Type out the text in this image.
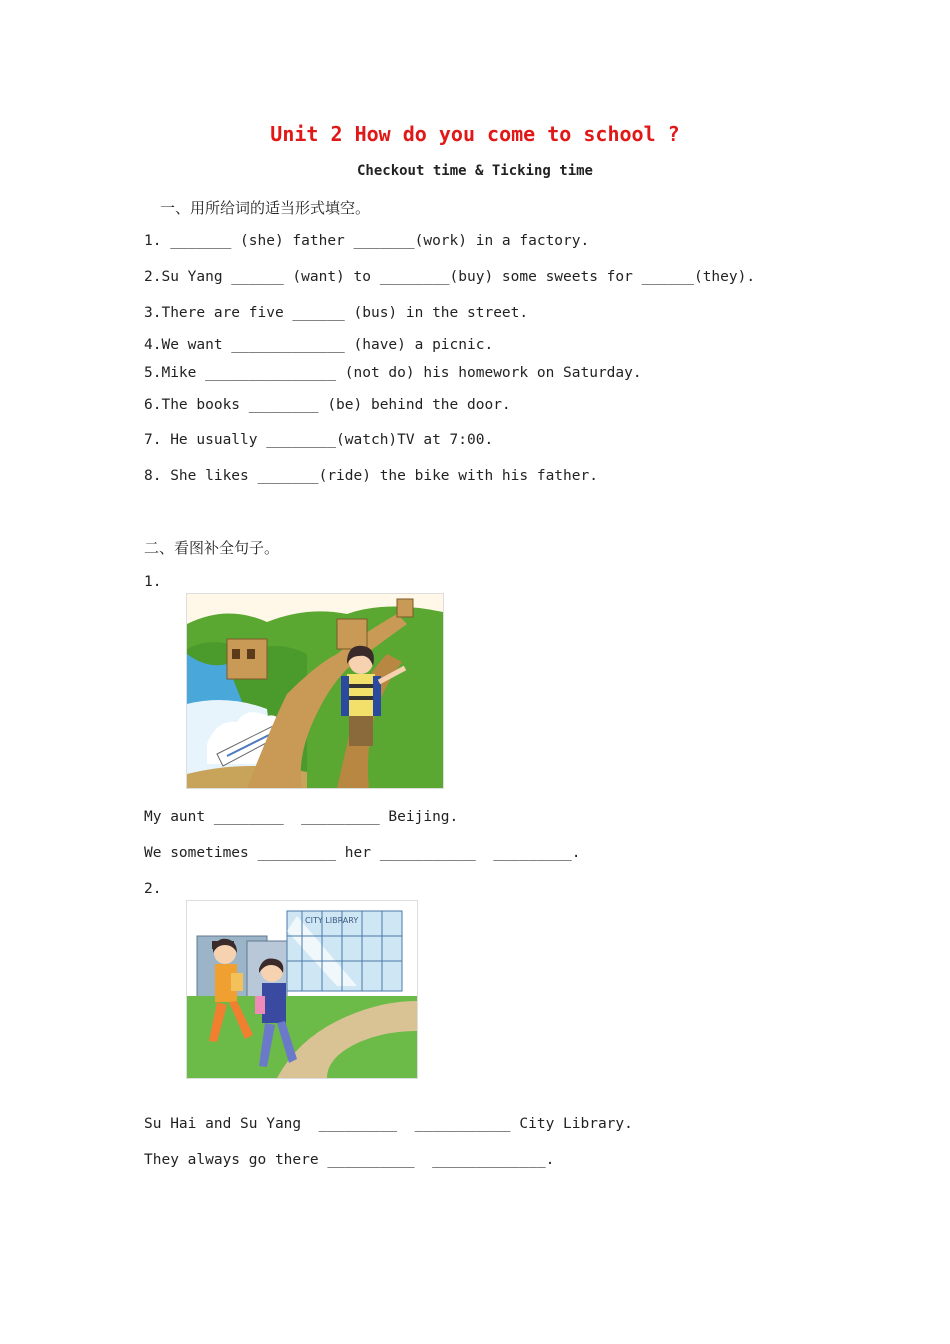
Unit 2 How do you come to school ?
Checkout time & Ticking time
一、用所给词的适当形式填空。
1. _______ (she) father _______(work) in a factory.
2.Su Yang ______ (want) to ________(buy) some sweets for ______(they).
3.There are five ______ (bus) in the street.
4.We want _____________ (have) a picnic.
5.Mike _______________ (not do) his homework on Saturday.
6.The books ________ (be) behind the door.
7. He usually ________(watch)TV at 7:00.
8. She likes _______(ride) the bike with his father.
二、看图补全句子。
1.
My aunt ________  _________ Beijing.
We sometimes _________ her ___________  _________.
2.
CITY LIBRARY
Su Hai and Su Yang  _________  ___________ City Library.
They always go there __________  _____________.
